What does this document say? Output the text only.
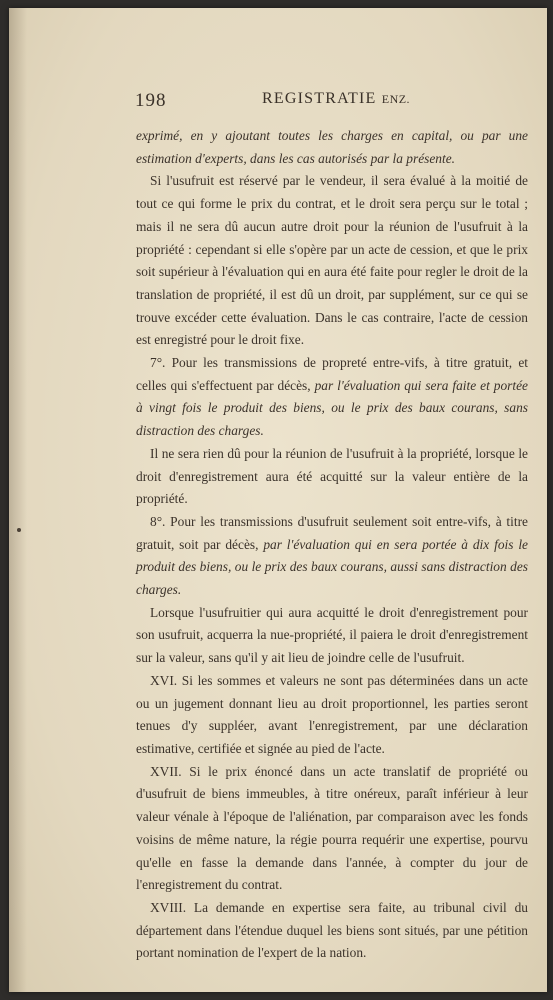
198	REGISTRATIE ENZ.

exprimé, en y ajoutant toutes les charges en capital, ou par une estimation d'experts, dans les cas autorisés par la présente.

Si l'usufruit est réservé par le vendeur, il sera évalué à la moitié de tout ce qui forme le prix du contrat, et le droit sera perçu sur le total ; mais il ne sera dû aucun autre droit pour la réunion de l'usufruit à la propriété : cependant si elle s'opère par un acte de cession, et que le prix soit supérieur à l'évaluation qui en aura été faite pour regler le droit de la translation de propriété, il est dû un droit, par supplément, sur ce qui se trouve excéder cette évaluation. Dans le cas contraire, l'acte de cession est enregistré pour le droit fixe.

7°. Pour les transmissions de propreté entre-vifs, à titre gratuit, et celles qui s'effectuent par décès, par l'évaluation qui sera faite et portée à vingt fois le produit des biens, ou le prix des baux courans, sans distraction des charges.

Il ne sera rien dû pour la réunion de l'usufruit à la propriété, lorsque le droit d'enregistrement aura été acquitté sur la valeur entière de la propriété.

8°. Pour les transmissions d'usufruit seulement soit entre-vifs, à titre gratuit, soit par décès, par l'évaluation qui en sera portée à dix fois le produit des biens, ou le prix des baux courans, aussi sans distraction des charges.

Lorsque l'usufruitier qui aura acquitté le droit d'enregistrement pour son usufruit, acquerra la nue-propriété, il paiera le droit d'enregistrement sur la valeur, sans qu'il y ait lieu de joindre celle de l'usufruit.

XVI. Si les sommes et valeurs ne sont pas déterminées dans un acte ou un jugement donnant lieu au droit proportionnel, les parties seront tenues d'y suppléer, avant l'enregistrement, par une déclaration estimative, certifiée et signée au pied de l'acte.

XVII. Si le prix énoncé dans un acte translatif de propriété ou d'usufruit de biens immeubles, à titre onéreux, paraît inférieur à leur valeur vénale à l'époque de l'aliénation, par comparaison avec les fonds voisins de même nature, la régie pourra requérir une expertise, pourvu qu'elle en fasse la demande dans l'année, à compter du jour de l'enregistrement du contrat.

XVIII. La demande en expertise sera faite, au tribunal civil du département dans l'étendue duquel les biens sont situés, par une pétition portant nomination de l'expert de la nation.
